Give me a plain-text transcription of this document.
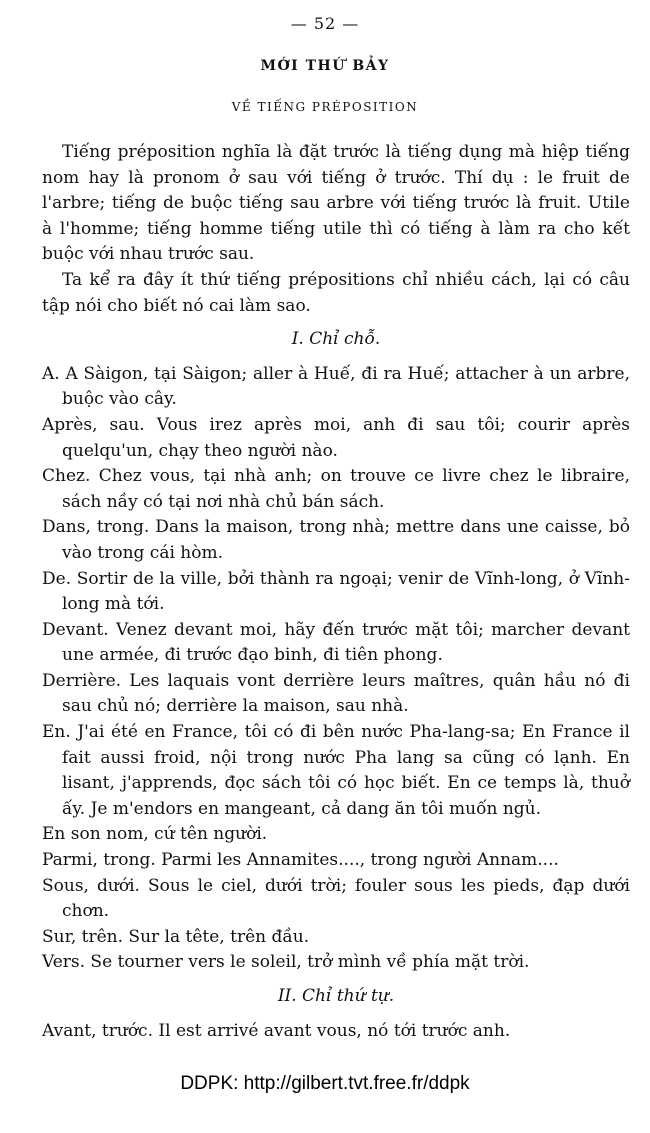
— 52 —
MỚI THỨ BẢY
VỀ TIẾNG PRÉPOSITION

Tiếng préposition nghĩa là đặt trước là tiếng dụng mà hiệp tiếng nom hay là pronom ở sau với tiếng ở trước. Thí dụ : le fruit de l'arbre; tiếng de buộc tiếng sau arbre với tiếng trước là fruit. Utile à l'homme; tiếng homme tiếng utile thì có tiếng à làm ra cho kết buộc với nhau trước sau.

Ta kể ra đây ít thứ tiếng prépositions chỉ nhiều cách, lại có câu tập nói cho biết nó cai làm sao.

I. Chỉ chỗ.

A. A Sàigon, tại Sàigon; aller à Huế, đi ra Huế; attacher à un arbre, buộc vào cây.

Après, sau. Vous irez après moi, anh đi sau tôi; courir après quelqu'un, chạy theo người nào.

Chez. Chez vous, tại nhà anh; on trouve ce livre chez le libraire, sách nầy có tại nơi nhà chủ bán sách.

Dans, trong. Dans la maison, trong nhà; mettre dans une caisse, bỏ vào trong cái hòm.

De. Sortir de la ville, bởi thành ra ngoại; venir de Vĩnh-long, ở Vĩnh-long mà tới.

Devant. Venez devant moi, hãy đến trước mặt tôi; marcher devant une armée, đi trước đạo binh, đi tiên phong.

Derrière. Les laquais vont derrière leurs maîtres, quân hầu nó đi sau chủ nó; derrière la maison, sau nhà.

En. J'ai été en France, tôi có đi bên nước Pha-lang-sa; En France il fait aussi froid, nội trong nước Pha lang sa cũng có lạnh. En lisant, j'apprends, đọc sách tôi có học biết. En ce temps là, thuở ấy. Je m'endors en mangeant, cả dang ăn tôi muốn ngủ.

En son nom, cứ tên người.

Parmi, trong. Parmi les Annamites...., trong người Annam....

Sous, dưới. Sous le ciel, dưới trời; fouler sous les pieds, đạp dưới chơn.

Sur, trên. Sur la tête, trên đầu.

Vers. Se tourner vers le soleil, trở mình về phía mặt trời.

II. Chỉ thứ tự.

Avant, trước. Il est arrivé avant vous, nó tới trước anh.

DDPK: http://gilbert.tvt.free.fr/ddpk
